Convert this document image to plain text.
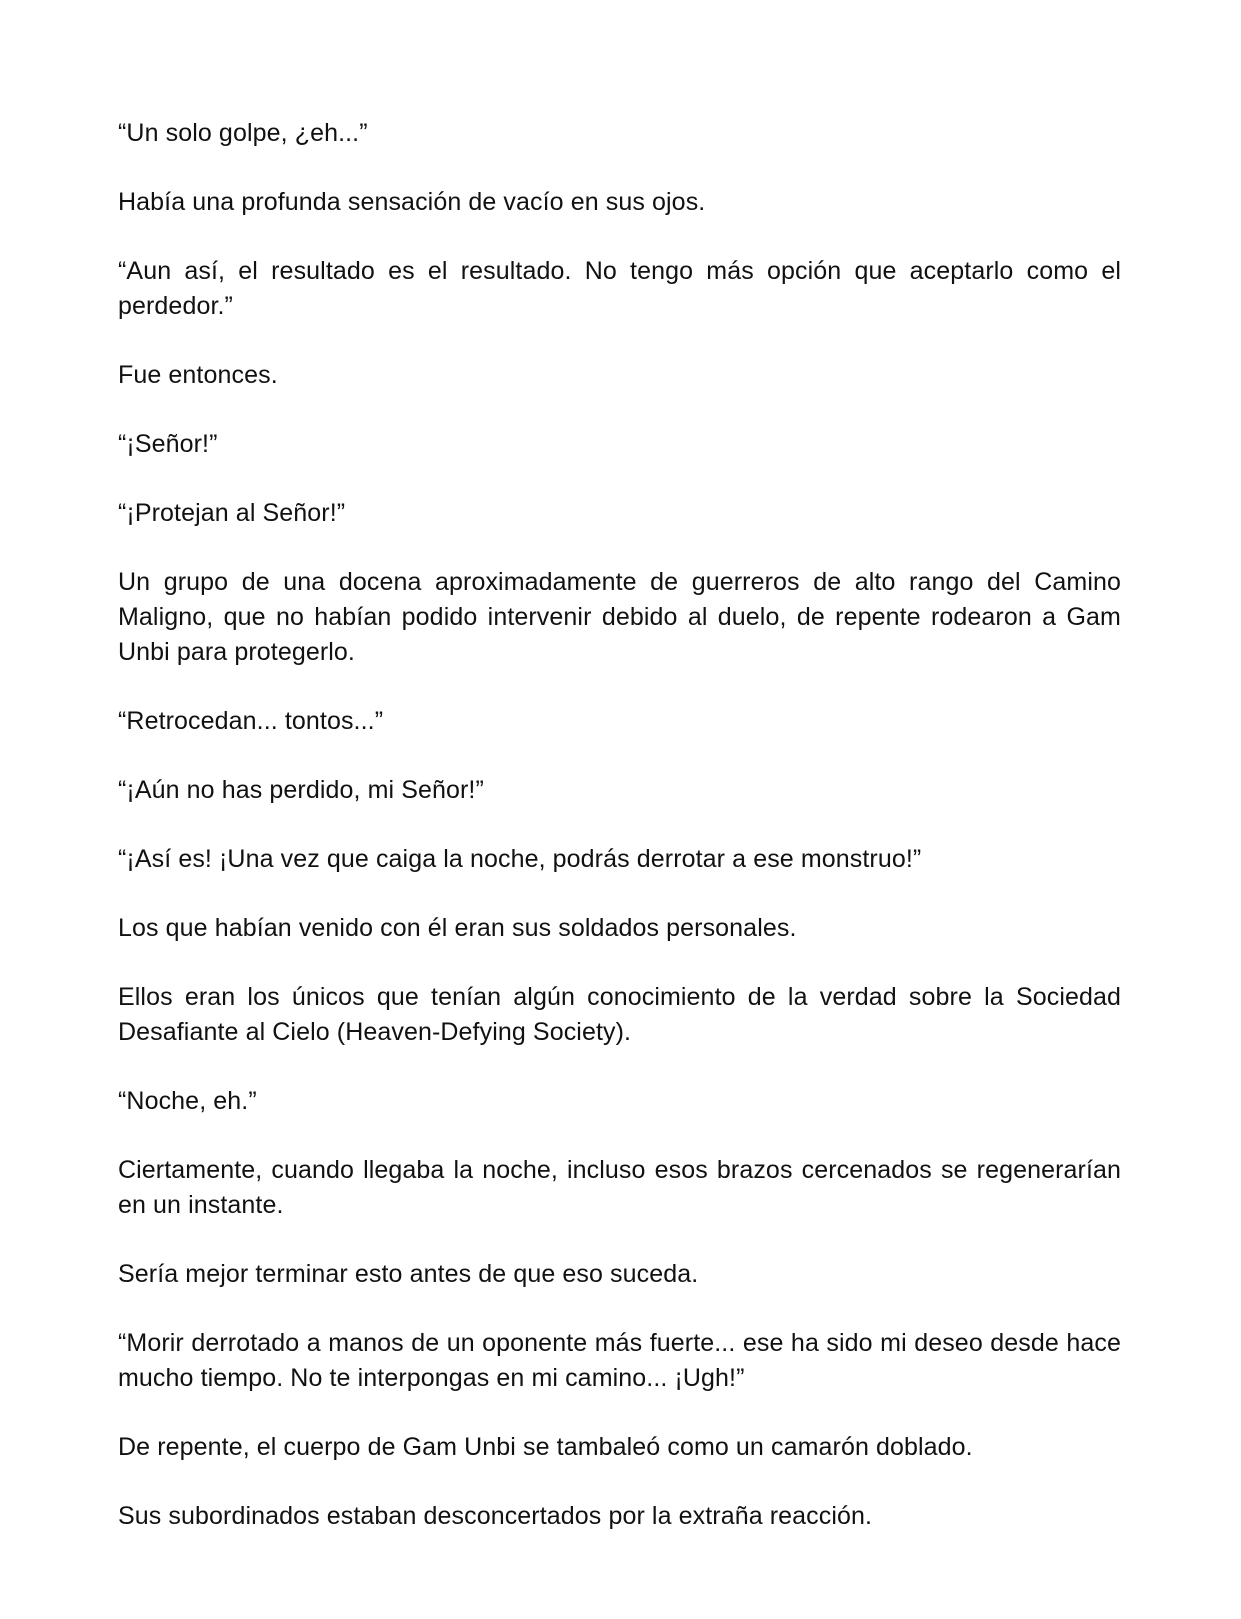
“Un solo golpe, ¿eh...”

Había una profunda sensación de vacío en sus ojos.

“Aun así, el resultado es el resultado. No tengo más opción que aceptarlo como el perdedor.”

Fue entonces.

“¡Señor!”

“¡Protejan al Señor!”

Un grupo de una docena aproximadamente de guerreros de alto rango del Camino Maligno, que no habían podido intervenir debido al duelo, de repente rodearon a Gam Unbi para protegerlo.

“Retrocedan... tontos...”

“¡Aún no has perdido, mi Señor!”

“¡Así es! ¡Una vez que caiga la noche, podrás derrotar a ese monstruo!”

Los que habían venido con él eran sus soldados personales.

Ellos eran los únicos que tenían algún conocimiento de la verdad sobre la Sociedad Desafiante al Cielo (Heaven-Defying Society).

“Noche, eh.”

Ciertamente, cuando llegaba la noche, incluso esos brazos cercenados se regenerarían en un instante.

Sería mejor terminar esto antes de que eso suceda.

“Morir derrotado a manos de un oponente más fuerte... ese ha sido mi deseo desde hace mucho tiempo. No te interpongas en mi camino... ¡Ugh!”

De repente, el cuerpo de Gam Unbi se tambaleó como un camarón doblado.

Sus subordinados estaban desconcertados por la extraña reacción.
